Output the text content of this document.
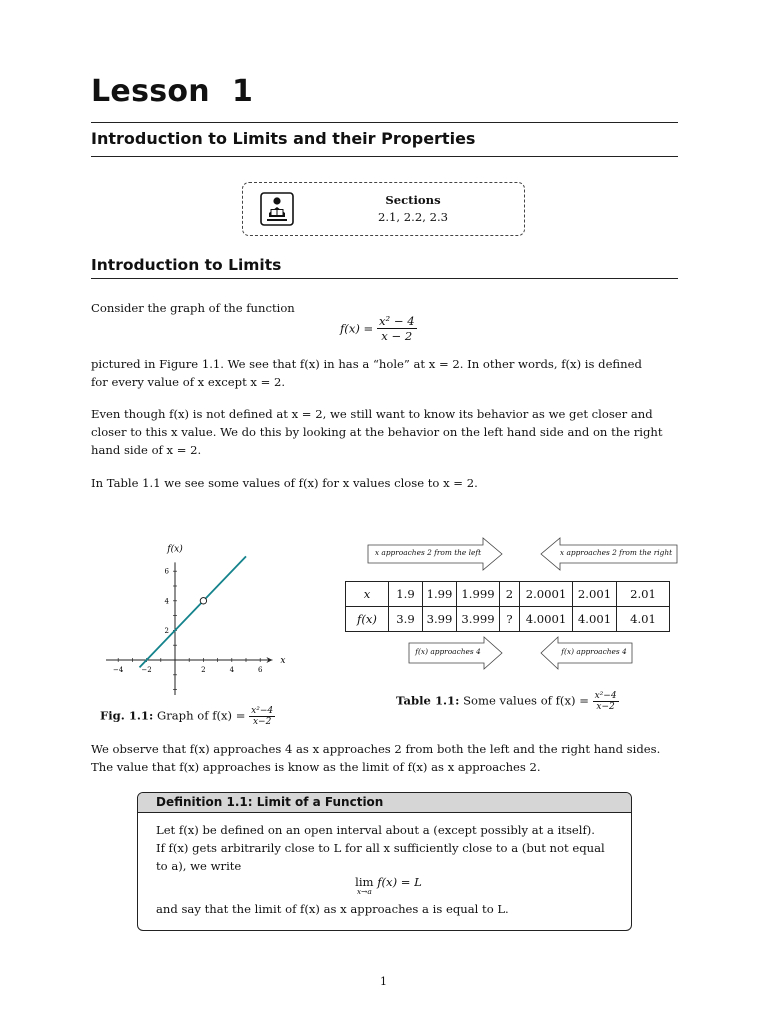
Lesson 1
Introduction to Limits and their Properties
Sections
2.1, 2.2, 2.3
Introduction to Limits

Consider the graph of the function

$f(x) = \frac{\text{x² − 4}}{x - 2}$

pictured in Figure 1.1. We see that f(x) in has a “hole” at x = 2. In other words, f(x) is defined

for every value of x except x = 2.

Even though f(x) is not defined at x = 2, we still want to know its behavior as we get closer and

closer to this x value. We do this by looking at the behavior on the left hand side and on the right

hand side of x = 2.

In Table 1.1 we see some values of f(x) for x values close to x = 2.

f(x)
x
−4	−2	2	4	6
2
4
6
Fig. 1.1: Graph of $f(x) = \frac{\text{x²−4}}{x-2}$
x approaches 2 from the left	x approaches 2 from the right
x	1.9	1.99	1.999	2	2.0001	2.001	2.01
f(x)	3.9	3.99	3.999	?	4.0001	4.001	4.01
f(x) approaches 4	f(x) approaches 4
Table 1.1: Some values of $f(x) = \frac{\text{x²−4}}{x-2}$

We observe that f(x) approaches 4 as x approaches 2 from both the left and the right hand sides.

The value that f(x) approaches is know as the limit of f(x) as x approaches 2.

Definition 1.1: Limit of a Function
Let f(x) be defined on an open interval about a (except possibly at a itself).
If f(x) gets arbitrarily close to L for all x sufficiently close to a (but not equal
to a), we write
lim
x→a
f(x) = L
and say that the limit of f(x) as x approaches a is equal to L.
1
